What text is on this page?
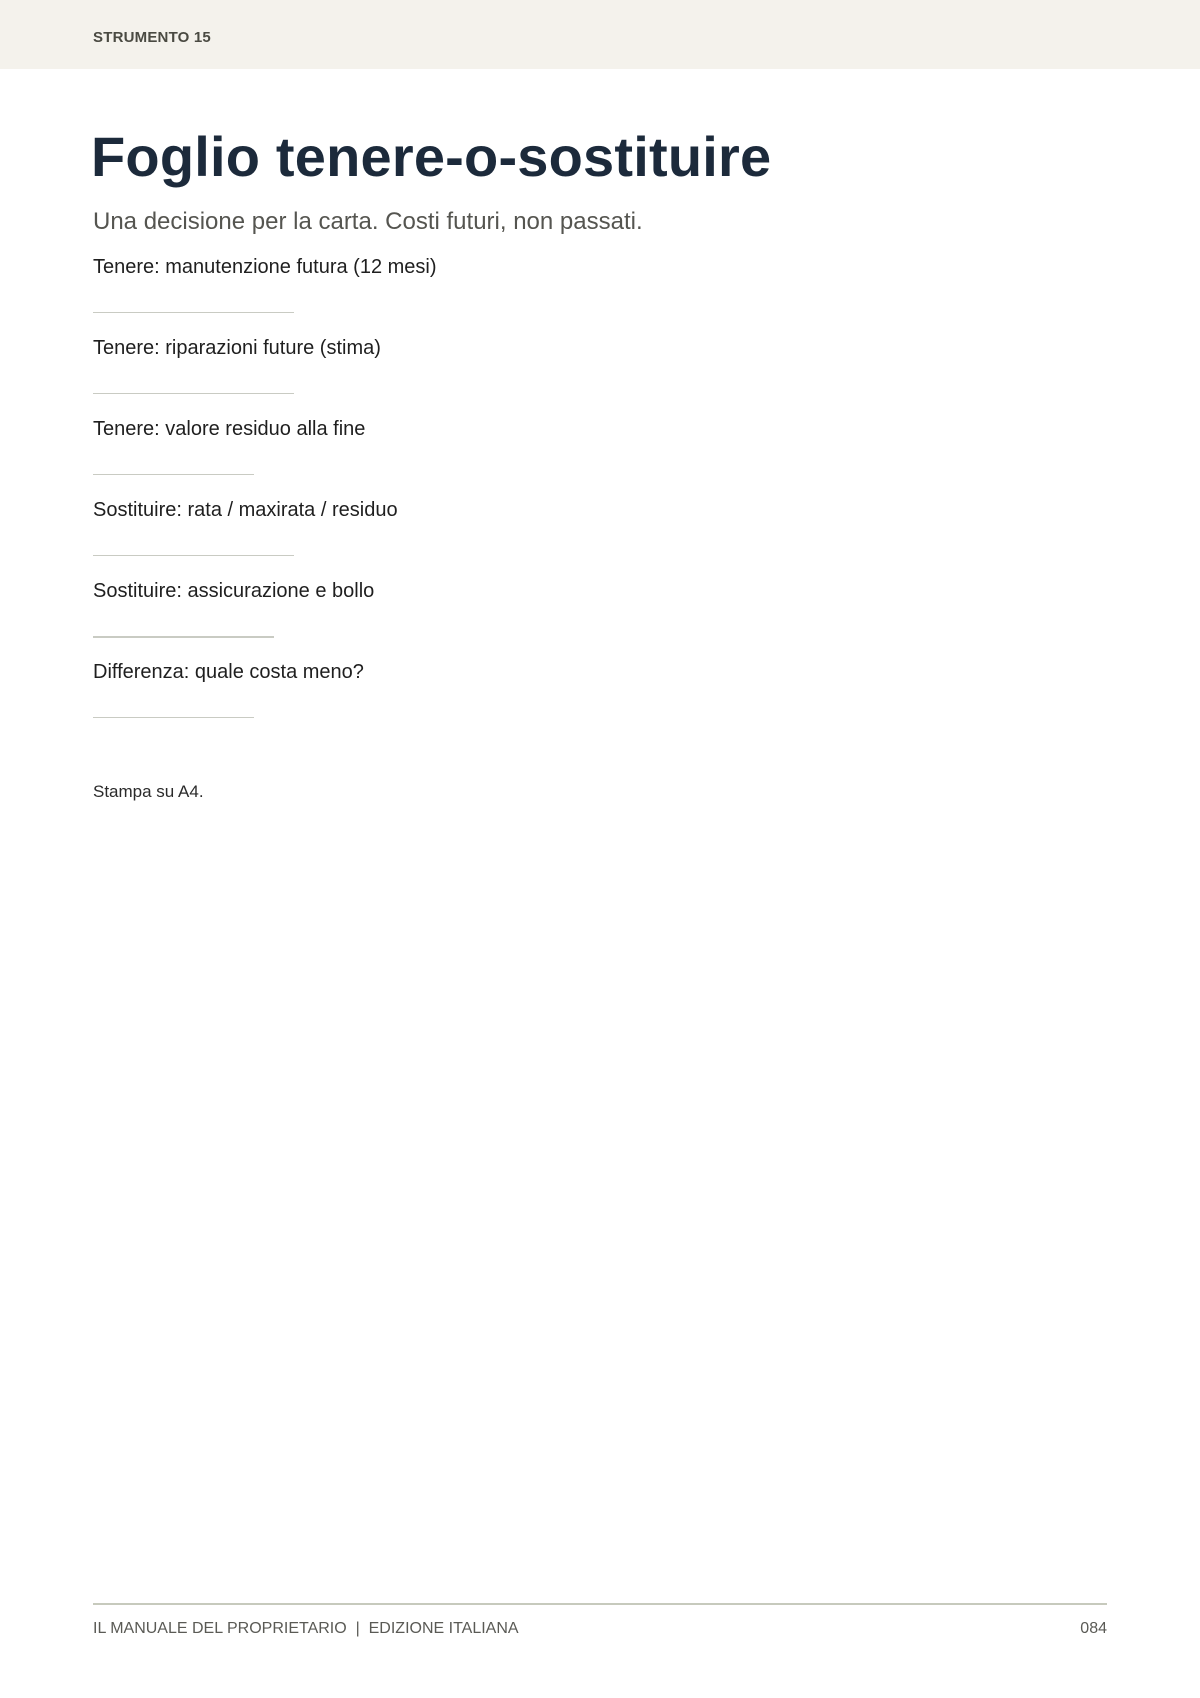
STRUMENTO 15
Foglio tenere-o-sostituire

Una decisione per la carta. Costi futuri, non passati.

Tenere: manutenzione futura (12 mesi)
Tenere: riparazioni future (stima)
Tenere: valore residuo alla fine
Sostituire: rata / maxirata / residuo
Sostituire: assicurazione e bollo
Differenza: quale costa meno?
Stampa su A4.
IL MANUALE DEL PROPRIETARIO  |  EDIZIONE ITALIANA	084
